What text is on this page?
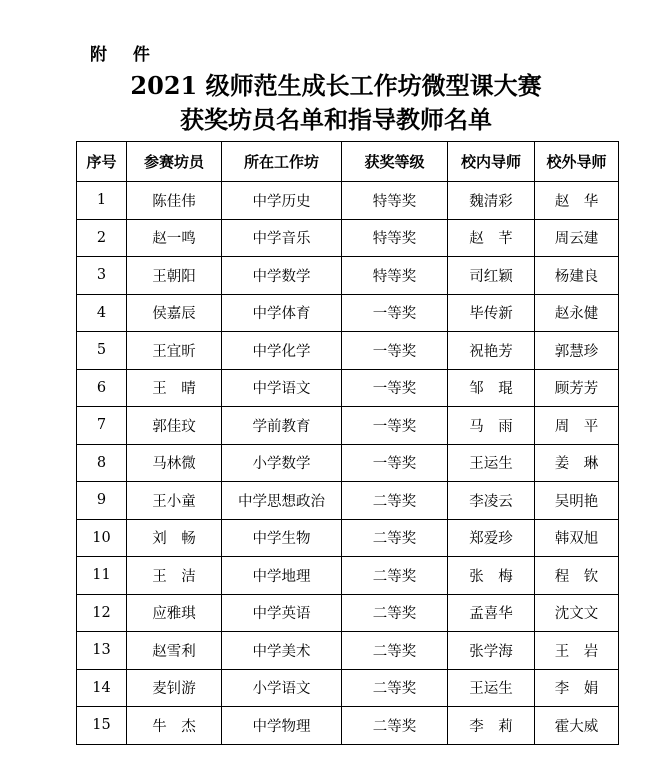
附 件
2021 级师范生成长工作坊微型课大赛
获奖坊员名单和指导教师名单
序号	参赛坊员	所在工作坊	获奖等级	校内导师	校外导师
1	陈佳伟	中学历史	特等奖	魏清彩	赵　华
2	赵一鸣	中学音乐	特等奖	赵　芊	周云建
3	王朝阳	中学数学	特等奖	司红颖	杨建良
4	侯嘉辰	中学体育	一等奖	毕传新	赵永健
5	王宜昕	中学化学	一等奖	祝艳芳	郭慧珍
6	王　晴	中学语文	一等奖	邹　琨	顾芳芳
7	郭佳玟	学前教育	一等奖	马　雨	周　平
8	马林微	小学数学	一等奖	王运生	姜　琳
9	王小童	中学思想政治	二等奖	李凌云	吴明艳
10	刘　畅	中学生物	二等奖	郑爱珍	韩双旭
11	王　洁	中学地理	二等奖	张　梅	程　钦
12	应雅琪	中学英语	二等奖	孟喜华	沈文文
13	赵雪利	中学美术	二等奖	张学海	王　岩
14	麦钊游	小学语文	二等奖	王运生	李　娟
15	牛　杰	中学物理	二等奖	李　莉	霍大威
